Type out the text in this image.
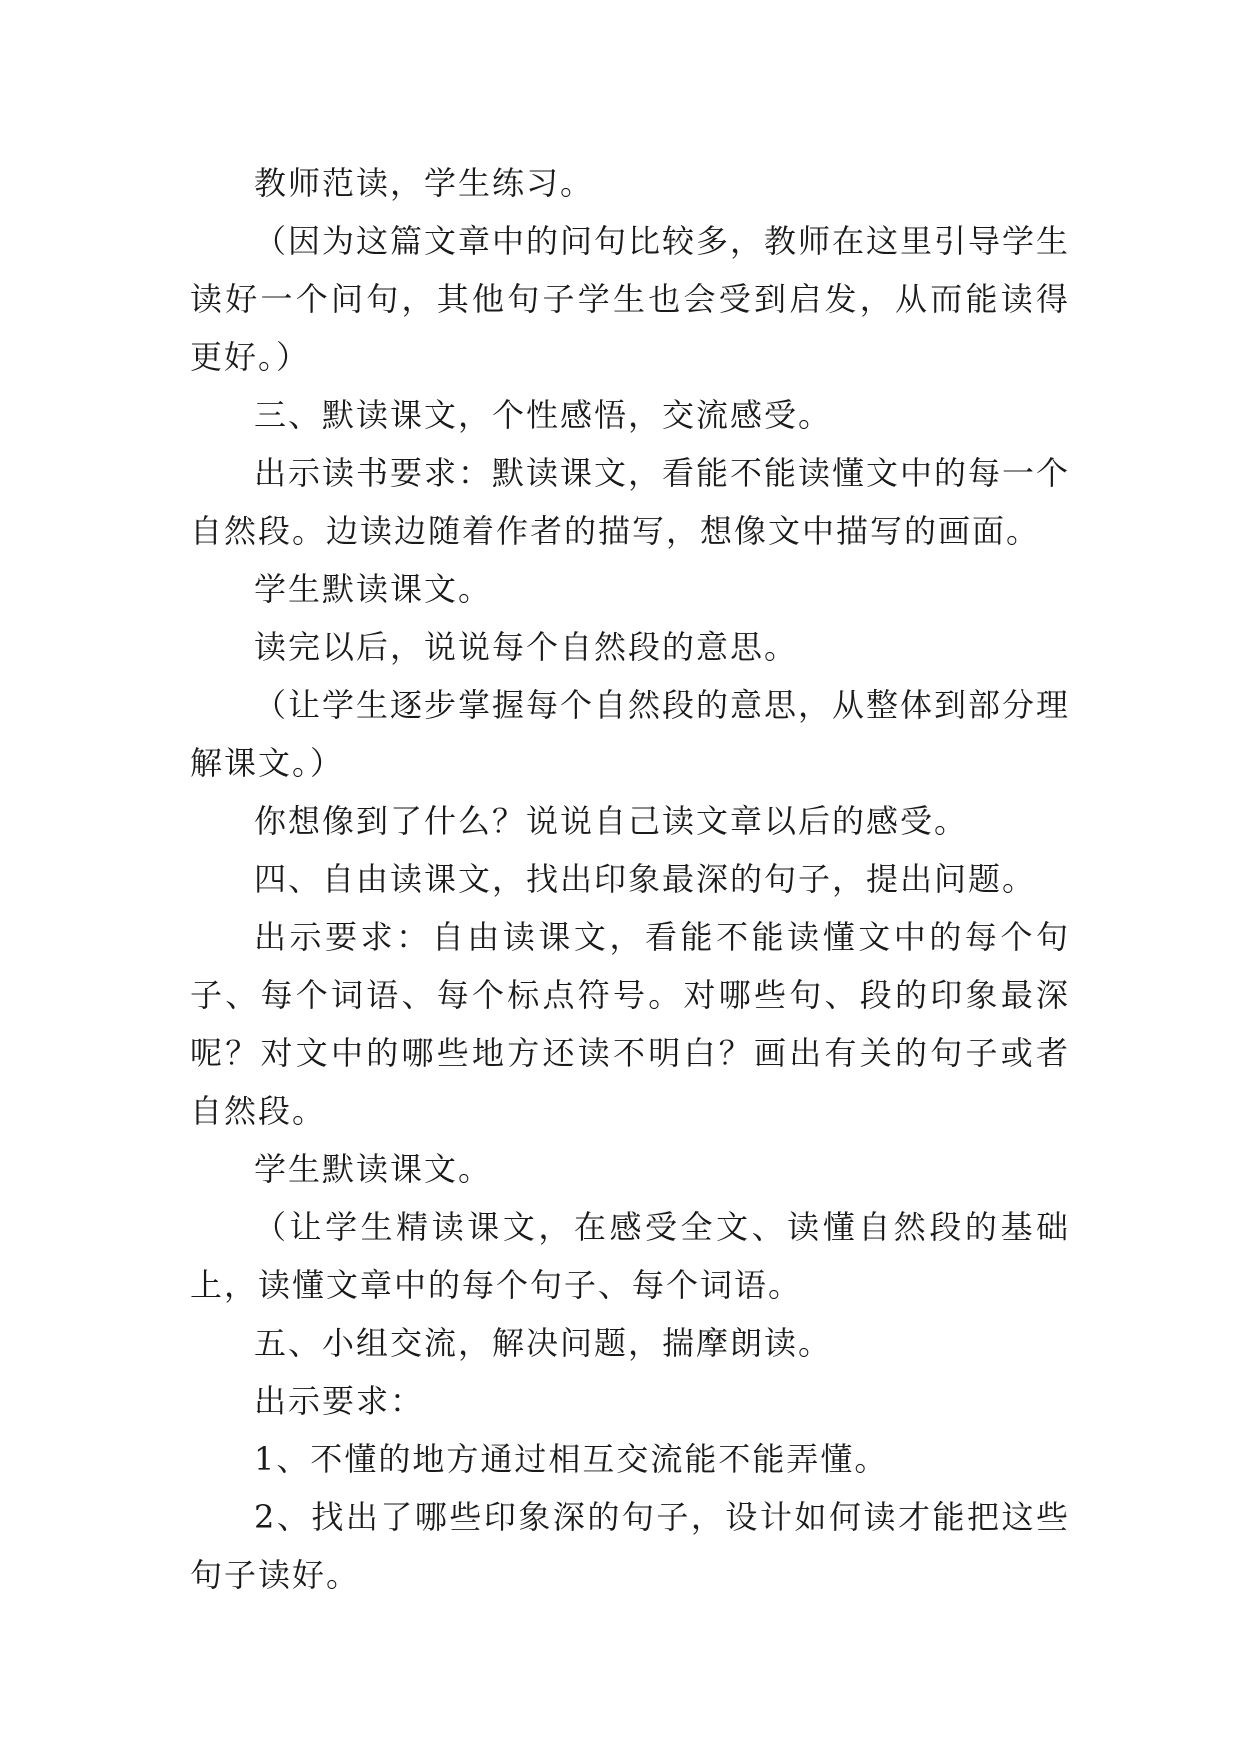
教师范读，学生练习。

（因为这篇文章中的问句比较多，教师在这里引导学生读好一个问句，其他句子学生也会受到启发，从而能读得更好。）

三、默读课文，个性感悟，交流感受。

出示读书要求：默读课文，看能不能读懂文中的每一个自然段。边读边随着作者的描写，想像文中描写的画面。

学生默读课文。

读完以后，说说每个自然段的意思。

（让学生逐步掌握每个自然段的意思，从整体到部分理解课文。）

你想像到了什么？说说自己读文章以后的感受。

四、自由读课文，找出印象最深的句子，提出问题。

出示要求：自由读课文，看能不能读懂文中的每个句子、每个词语、每个标点符号。对哪些句、段的印象最深呢？对文中的哪些地方还读不明白？画出有关的句子或者自然段。

学生默读课文。

（让学生精读课文，在感受全文、读懂自然段的基础上，读懂文章中的每个句子、每个词语。

五、小组交流，解决问题，揣摩朗读。

出示要求：

1、不懂的地方通过相互交流能不能弄懂。

2、找出了哪些印象深的句子，设计如何读才能把这些句子读好。
